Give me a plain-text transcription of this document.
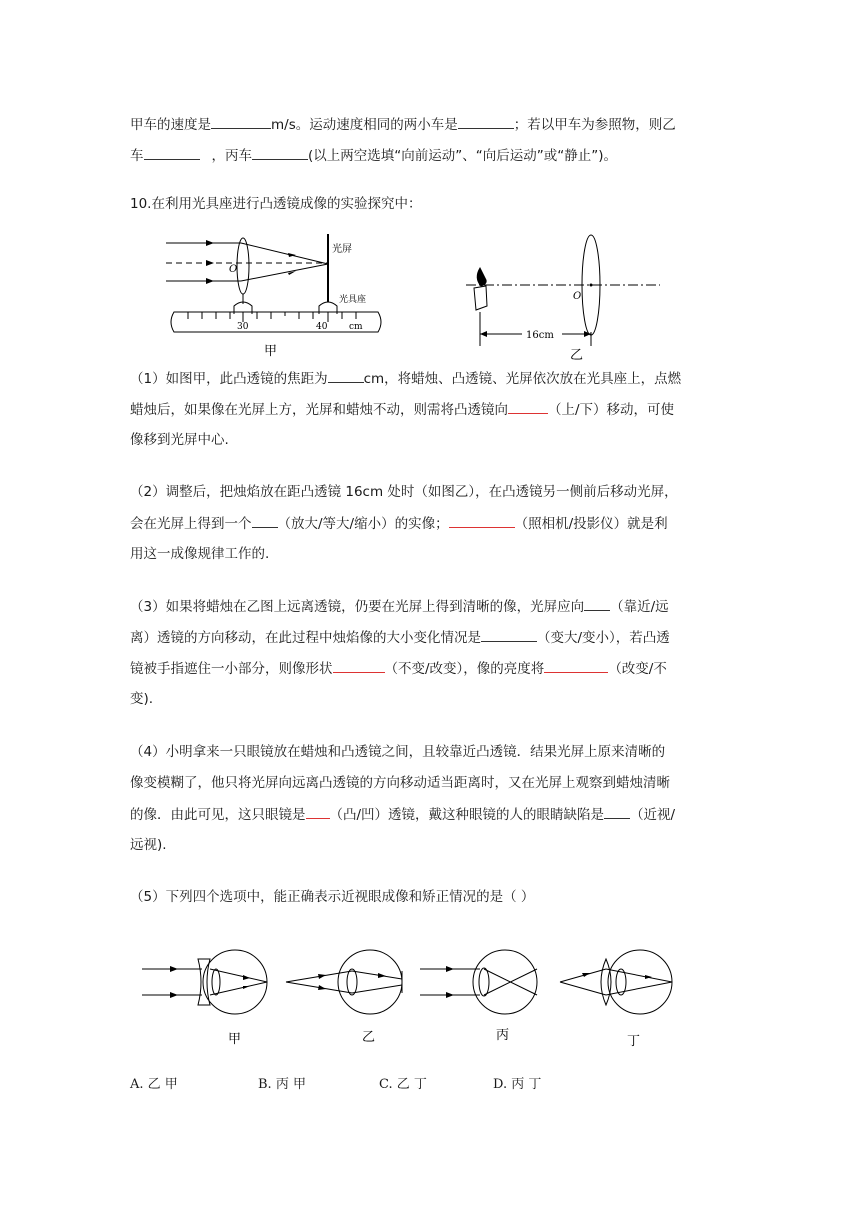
甲车的速度是	m/s。运动速度相同的两小车是	；若以甲车为参照物，则乙
车	，丙车	(以上两空选填“向前运动”、“向后运动”或“静止”)。
10.在利用光具座进行凸透镜成像的实验探究中：
O
光屏
光具座
30	40 cm
甲
O
16cm
乙
（1）如图甲，此凸透镜的焦距为	cm，将蜡烛、凸透镜、光屏依次放在光具座上，点燃
蜡烛后，如果像在光屏上方，光屏和蜡烛不动，则需将凸透镜向	（上/下）移动，可使
像移到光屏中心.
（2）调整后，把烛焰放在距凸透镜 16cm 处时（如图乙），在凸透镜另一侧前后移动光屏，
会在光屏上得到一个 （放大/等大/缩小）的实像；	（照相机/投影仪）就是利
用这一成像规律工作的.
（3）如果将蜡烛在乙图上远离透镜，仍要在光屏上得到清晰的像，光屏应向 （靠近/远
离）透镜的方向移动，在此过程中烛焰像的大小变化情况是	（变大/变小），若凸透
镜被手指遮住一小部分，则像形状	（不变/改变），像的亮度将	（改变/不
变).
（4）小明拿来一只眼镜放在蜡烛和凸透镜之间，且较靠近凸透镜．结果光屏上原来清晰的
像变模糊了，他只将光屏向远离凸透镜的方向移动适当距离时，又在光屏上观察到蜡烛清晰
的像．由此可见，这只眼镜是 （凸/凹）透镜，戴这种眼镜的人的眼睛缺陷是 （近视/
远视).
（5）下列四个选项中，能正确表示近视眼成像和矫正情况的是（ ）
甲	乙	丙	丁
A. 乙 甲	B. 丙 甲	C. 乙 丁	D. 丙 丁
